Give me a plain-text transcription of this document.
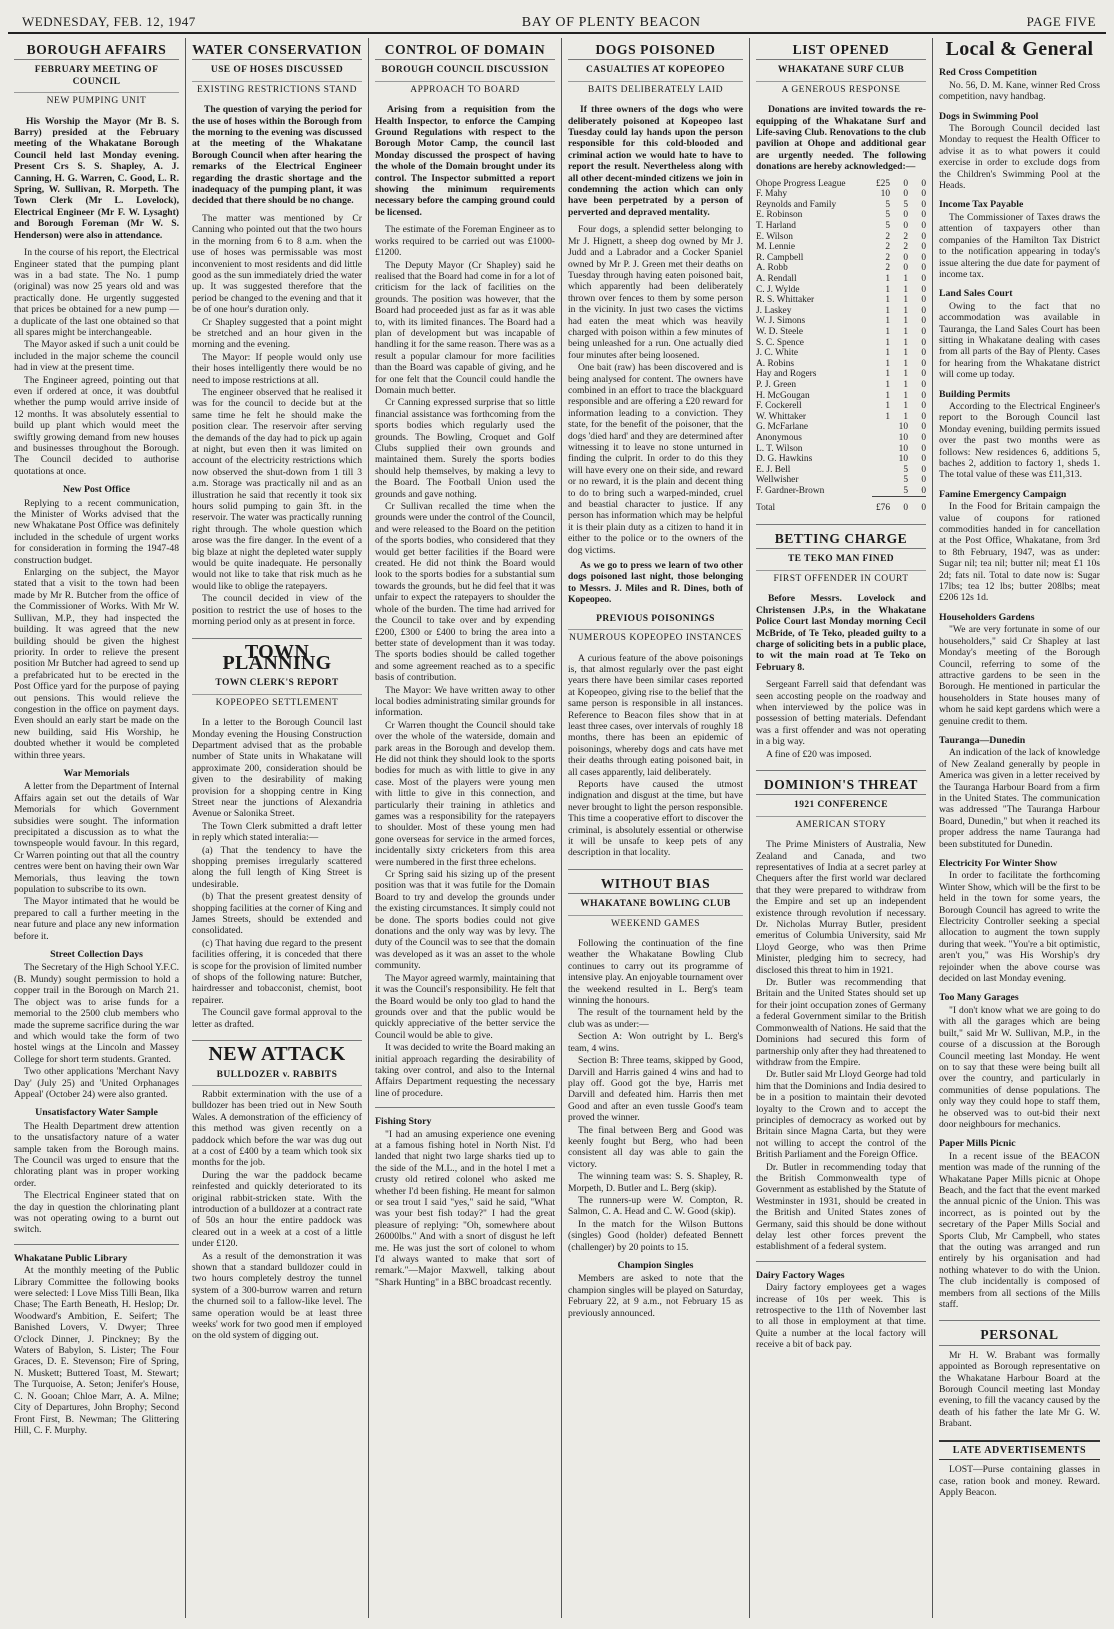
WEDNESDAY, FEB. 12, 1947	BAY OF PLENTY BEACON	PAGE FIVE
BOROUGH AFFAIRS
FEBRUARY MEETING OF COUNCIL
NEW PUMPING UNIT

His Worship the Mayor (Mr B. S. Barry) presided at the February meeting of the Whakatane Borough Council held last Monday evening. Present Crs S. S. Shapley, A. J. Canning, H. G. Warren, C. Good, L. R. Spring, W. Sullivan, R. Morpeth. The Town Clerk (Mr L. Lovelock), Electrical Engineer (Mr F. W. Lysaght) and Borough Foreman (Mr W. S. Henderson) were also in attendance.

In the course of his report, the Electrical Engineer stated that the pumping plant was in a bad state. The No. 1 pump (original) was now 25 years old and was practically done. He urgently suggested that prices be obtained for a new pump —a duplicate of the last one obtained so that all spares might be interchangeable.

The Mayor asked if such a unit could be included in the major scheme the council had in view at the present time.

The Engineer agreed, pointing out that even if ordered at once, it was doubtful whether the pump would arrive inside of 12 months. It was absolutely essential to build up plant which would meet the swiftly growing demand from new houses and businesses throughout the Borough. The Council decided to authorise quotations at once.

New Post Office

Replying to a recent communication, the Minister of Works advised that the new Whakatane Post Office was definitely included in the schedule of urgent works for consideration in forming the 1947-48 construction budget.

Enlarging on the subject, the Mayor stated that a visit to the town had been made by Mr R. Butcher from the office of the Commissioner of Works. With Mr W. Sullivan, M.P., they had inspected the building. It was agreed that the new building should be given the highest priority. In order to relieve the present position Mr Butcher had agreed to send up a prefabricated hut to be erected in the Post Office yard for the purpose of paying out pensions. This would relieve the congestion in the office on payment days. Even should an early start be made on the new building, said His Worship, he doubted whether it would be completed within three years.

War Memorials

A letter from the Department of Internal Affairs again set out the details of War Memorials for which Government subsidies were sought. The information precipitated a discussion as to what the townspeople would favour. In this regard, Cr Warren pointing out that all the country centres were bent on having their own War Memorials, thus leaving the town population to subscribe to its own.

The Mayor intimated that he would be prepared to call a further meeting in the near future and place any new information before it.

Street Collection Days

The Secretary of the High School Y.F.C. (B. Mundy) sought permission to hold a copper trail in the Borough on March 21. The object was to arise funds for a memorial to the 2500 club members who made the supreme sacrifice during the war and which would take the form of two hostel wings at the Lincoln and Massey College for short term students. Granted.

Two other applications 'Merchant Navy Day' (July 25) and 'United Orphanages Appeal' (October 24) were also granted.

Unsatisfactory Water Sample

The Health Department drew attention to the unsatisfactory nature of a water sample taken from the Borough mains. The Council was urged to ensure that the chlorating plant was in proper working order.

The Electrical Engineer stated that on the day in question the chlorinating plant was not operating owing to a burnt out switch.

Whakatane Public Library

At the monthly meeting of the Public Library Committee the following books were selected: I Love Miss Tilli Bean, Ilka Chase; The Earth Beneath, H. Heslop; Dr. Woodward's Ambition, E. Seifert; The Banished Lovers, V. Dwyer; Three O'clock Dinner, J. Pinckney; By the Waters of Babylon, S. Lister; The Four Graces, D. E. Stevenson; Fire of Spring, N. Muskett; Buttered Toast, M. Stewart; The Turquoise, A. Seton; Jenifer's House, C. N. Gooan; Chloe Marr, A. A. Milne; City of Departures, John Brophy; Second Front First, B. Newman; The Glittering Hill, C. F. Murphy.

WATER CONSERVATION
USE OF HOSES DISCUSSED
EXISTING RESTRICTIONS STAND

The question of varying the period for the use of hoses within the Borough from the morning to the evening was discussed at the meeting of the Whakatane Borough Council when after hearing the remarks of the Electrical Engineer regarding the drastic shortage and the inadequacy of the pumping plant, it was decided that there should be no change.

The matter was mentioned by Cr Canning who pointed out that the two hours in the morning from 6 to 8 a.m. when the use of hoses was permissable was most inconvenient to most residents and did little good as the sun immediately dried the water up. It was suggested therefore that the period be changed to the evening and that it be of one hour's duration only.

Cr Shapley suggested that a point might be stretched and an hour given in the morning and the evening.

The Mayor: If people would only use their hoses intelligently there would be no need to impose restrictions at all.

The engineer observed that he realised it was for the council to decide but at the same time he felt he should make the position clear. The reservoir after serving the demands of the day had to pick up again at night, but even then it was limited on account of the electricity restrictions which now observed the shut-down from 1 till 3 a.m. Storage was practically nil and as an illustration he said that recently it took six hours solid pumping to gain 3ft. in the reservoir. The water was practically running right through. The whole question which arose was the fire danger. In the event of a big blaze at night the depleted water supply would be quite inadequate. He personally would not like to take that risk much as he would like to oblige the ratepayers.

The council decided in view of the position to restrict the use of hoses to the morning period only as at present in force.

TOWN PLANNING
TOWN CLERK'S REPORT
KOPEOPEO SETTLEMENT

In a letter to the Borough Council last Monday evening the Housing Construction Department advised that as the probable number of State units in Whakatane will approximate 200, consideration should be given to the desirability of making provision for a shopping centre in King Street near the junctions of Alexandria Avenue or Salonika Street.

The Town Clerk submitted a draft letter in reply which stated interalia:—

(a) That the tendency to have the shopping premises irregularly scattered along the full length of King Street is undesirable.

(b) That the present greatest density of shopping facilities at the corner of King and James Streets, should be extended and consolidated.

(c) That having due regard to the present facilities offering, it is conceded that there is scope for the provision of limited number of shops of the following nature: Butcher, hairdresser and tobacconist, chemist, boot repairer.

The Council gave formal approval to the letter as drafted.

NEW ATTACK
BULLDOZER v. RABBITS

Rabbit extermination with the use of a bulldozer has been tried out in New South Wales. A demonstration of the efficiency of this method was given recently on a paddock which before the war was dug out at a cost of £400 by a team which took six months for the job.

During the war the paddock became reinfested and quickly deteriorated to its original rabbit-stricken state. With the introduction of a bulldozer at a contract rate of 50s an hour the entire paddock was cleared out in a week at a cost of a little under £120.

As a result of the demonstration it was shown that a standard bulldozer could in two hours completely destroy the tunnel system of a 300-burrow warren and return the churned soil to a fallow-like level. The same operation would be at least three weeks' work for two good men if employed on the old system of digging out.

CONTROL OF DOMAIN
BOROUGH COUNCIL DISCUSSION
APPROACH TO BOARD

Arising from a requisition from the Health Inspector, to enforce the Camping Ground Regulations with respect to the Borough Motor Camp, the council last Monday discussed the prospect of having the whole of the Domain brought under its control. The Inspector submitted a report showing the minimum requirements necessary before the camping ground could be licensed.

The estimate of the Foreman Engineer as to works required to be carried out was £1000-£1200.

The Deputy Mayor (Cr Shapley) said he realised that the Board had come in for a lot of criticism for the lack of facilities on the grounds. The position was however, that the Board had proceeded just as far as it was able to, with its limited finances. The Board had a plan of development but was incapable of handling it for the same reason. There was as a result a popular clamour for more facilities than the Board was capable of giving, and he for one felt that the Council could handle the Domain much better.

Cr Canning expressed surprise that so little financial assistance was forthcoming from the sports bodies which regularly used the grounds. The Bowling, Croquet and Golf Clubs supplied their own grounds and maintained them. Surely the sports bodies should help themselves, by making a levy to the Board. The Football Union used the grounds and gave nothing.

Cr Sullivan recalled the time when the grounds were under the control of the Council, and were released to the Board on the petition of the sports bodies, who considered that they would get better facilities if the Board were created. He did not think the Board would look to the sports bodies for a substantial sum towards the grounds, but he did feel that it was unfair to expect the ratepayers to shoulder the whole of the burden. The time had arrived for the Council to take over and by expending £200, £300 or £400 to bring the area into a better state of development than it was today. The sports bodies should be called together and some agreement reached as to a specific basis of contribution.

The Mayor: We have written away to other local bodies administrating similar grounds for information.

Cr Warren thought the Council should take over the whole of the waterside, domain and park areas in the Borough and develop them. He did not think they should look to the sports bodies for much as with little to give in any case. Most of the players were young men with little to give in this connection, and particularly their training in athletics and games was a responsibility for the ratepayers to shoulder. Most of these young men had gone overseas for service in the armed forces, incidentally sixty cricketers from this area were numbered in the first three echelons.

Cr Spring said his sizing up of the present position was that it was futile for the Domain Board to try and develop the grounds under the existing circumstances. It simply could not be done. The sports bodies could not give donations and the only way was by levy. The duty of the Council was to see that the domain was developed as it was an asset to the whole community.

The Mayor agreed warmly, maintaining that it was the Council's responsibility. He felt that the Board would be only too glad to hand the grounds over and that the public would be quickly appreciative of the better service the Council would be able to give.

It was decided to write the Board making an initial approach regarding the desirability of taking over control, and also to the Internal Affairs Department requesting the necessary line of procedure.

Fishing Story

"I had an amusing experience one evening at a famous fishing hotel in North Nist. I'd landed that night two large sharks tied up to the side of the M.L., and in the hotel I met a crusty old retired colonel who asked me whether I'd been fishing. He meant for salmon or sea trout I said "yes," said he said, "What was your best fish today?" I had the great pleasure of replying: "Oh, somewhere about 26000lbs." And with a snort of disgust he left me. He was just the sort of colonel to whom I'd always wanted to make that sort of remark."—Major Maxwell, talking about "Shark Hunting" in a BBC broadcast recently.

DOGS POISONED
CASUALTIES AT KOPEOPEO
BAITS DELIBERATELY LAID

If three owners of the dogs who were deliberately poisoned at Kopeopeo last Tuesday could lay hands upon the person responsible for this cold-blooded and criminal action we would hate to have to report the result. Nevertheless along with all other decent-minded citizens we join in condemning the action which can only have been perpetrated by a person of perverted and depraved mentality.

Four dogs, a splendid setter belonging to Mr J. Hignett, a sheep dog owned by Mr J. Judd and a Labrador and a Cocker Spaniel owned by Mr P. J. Green met their deaths on Tuesday through having eaten poisoned bait, which apparently had been deliberately thrown over fences to them by some person in the vicinity. In just two cases the victims had eaten the meat which was heavily charged with poison within a few minutes of being unleashed for a run. One actually died four minutes after being loosened.

One bait (raw) has been discovered and is being analysed for content. The owners have combined in an effort to trace the blackguard responsible and are offering a £20 reward for information leading to a conviction. They state, for the benefit of the poisoner, that the dogs 'died hard' and they are determined after witnessing it to leave no stone unturned in finding the culprit. In order to do this they will have every one on their side, and reward or no reward, it is the plain and decent thing to do to bring such a warped-minded, cruel and beastial character to justice. If any person has information which may be helpful it is their plain duty as a citizen to hand it in either to the police or to the owners of the dog victims.

As we go to press we learn of two other dogs poisoned last night, those belonging to Messrs. J. Miles and R. Dines, both of Kopeopeo.

PREVIOUS POISONINGS
NUMEROUS KOPEOPEO INSTANCES

A curious feature of the above poisonings is, that almost regularly over the past eight years there have been similar cases reported at Kopeopeo, giving rise to the belief that the same person is responsible in all instances. Reference to Beacon files show that in at least three cases, over intervals of roughly 18 months, there has been an epidemic of poisonings, whereby dogs and cats have met their deaths through eating poisoned bait, in all cases apparently, laid deliberately.

Reports have caused the utmost indignation and disgust at the time, but have never brought to light the person responsible. This time a cooperative effort to discover the criminal, is absolutely essential or otherwise it will be unsafe to keep pets of any description in that locality.

WITHOUT BIAS
WHAKATANE BOWLING CLUB
WEEKEND GAMES

Following the continuation of the fine weather the Whakatane Bowling Club continues to carry out its programme of intensive play. An enjoyable tournament over the weekend resulted in L. Berg's team winning the honours.

The result of the tournament held by the club was as under:—

Section A: Won outright by L. Berg's team, 4 wins.

Section B: Three teams, skipped by Good, Darvill and Harris gained 4 wins and had to play off. Good got the bye, Harris met Darvill and defeated him. Harris then met Good and after an even tussle Good's team proved the winner.

The final between Berg and Good was keenly fought but Berg, who had been consistent all day was able to gain the victory.

The winning team was: S. S. Shapley, R. Morpeth, D. Butler and L. Berg (skip).

The runners-up were W. Compton, R. Salmon, C. A. Head and C. W. Good (skip).

In the match for the Wilson Buttons (singles) Good (holder) defeated Bennett (challenger) by 20 points to 15.

Champion Singles

Members are asked to note that the champion singles will be played on Saturday, February 22, at 9 a.m., not February 15 as previously announced.

LIST OPENED
WHAKATANE SURF CLUB
A GENEROUS RESPONSE

Donations are invited towards the re-equipping of the Whakatane Surf and Life-saving Club. Renovations to the club pavilion at Ohope and additional gear are urgently needed. The following donations are hereby acknowledged:—

Ohope Progress League	£25	0	0
F. Mahy	10	0	0
Reynolds and Family	5	5	0
E. Robinson	5	0	0
T. Harland	5	0	0
E. Wilson	2	2	0
M. Lennie	2	2	0
R. Campbell	2	0	0
A. Robb	2	0	0
A. Rendall	1	1	0
C. J. Wylde	1	1	0
R. S. Whittaker	1	1	0
J. Laskey	1	1	0
W. J. Simons	1	1	0
W. D. Steele	1	1	0
S. C. Spence	1	1	0
J. C. White	1	1	0
A. Robins	1	1	0
Hay and Rogers	1	1	0
P. J. Green	1	1	0
H. McGougan	1	1	0
F. Cockerell	1	1	0
W. Whittaker	1	1	0
G. McFarlane		10	0
Anonymous		10	0
L. T. Wilson		10	0
D. G. Hawkins		10	0
E. J. Bell		5	0
Wellwisher		5	0
F. Gardner-Brown		5	0
Total	£76	0	0
BETTING CHARGE
TE TEKO MAN FINED
FIRST OFFENDER IN COURT

Before Messrs. Lovelock and Christensen J.P.s, in the Whakatane Police Court last Monday morning Cecil McBride, of Te Teko, pleaded guilty to a charge of soliciting bets in a public place, to wit the main road at Te Teko on February 8.

Sergeant Farrell said that defendant was seen accosting people on the roadway and when interviewed by the police was in possession of betting materials. Defendant was a first offender and was not operating in a big way.

A fine of £20 was imposed.

DOMINION'S THREAT
1921 CONFERENCE
AMERICAN STORY

The Prime Ministers of Australia, New Zealand and Canada, and two representatives of India at a secret parley at Chequers after the first world war declared that they were prepared to withdraw from the Empire and set up an independent existence through revolution if necessary. Dr. Nicholas Murray Butler, president emeritus of Columbia University, said Mr Lloyd George, who was then Prime Minister, pledging him to secrecy, had disclosed this threat to him in 1921.

Dr. Butler was recommending that Britain and the United States should set up for their joint occupation zones of Germany a federal Government similar to the British Commonwealth of Nations. He said that the Dominions had secured this form of partnership only after they had threatened to withdraw from the Empire.

Dr. Butler said Mr Lloyd George had told him that the Dominions and India desired to be in a position to maintain their devoted loyalty to the Crown and to accept the principles of democracy as worked out by Britain since Magna Carta, but they were not willing to accept the control of the British Parliament and the Foreign Office.

Dr. Butler in recommending today that the British Commonwealth type of Government as established by the Statute of Westminster in 1931, should be created in the British and United States zones of Germany, said this should be done without delay lest other forces prevent the establishment of a federal system.

Dairy Factory Wages

Dairy factory employees get a wages increase of 10s per week. This is retrospective to the 11th of November last to all those in employment at that time. Quite a number at the local factory will receive a bit of back pay.

Local & General
Red Cross Competition

No. 56, D. M. Kane, winner Red Cross competition, navy handbag.

Dogs in Swimming Pool

The Borough Council decided last Monday to request the Health Officer to advise it as to what powers it could exercise in order to exclude dogs from the Children's Swimming Pool at the Heads.

Income Tax Payable

The Commissioner of Taxes draws the attention of taxpayers other than companies of the Hamilton Tax District to the notification appearing in today's issue altering the due date for payment of income tax.

Land Sales Court

Owing to the fact that no accommodation was available in Tauranga, the Land Sales Court has been sitting in Whakatane dealing with cases from all parts of the Bay of Plenty. Cases for hearing from the Whakatane district will come up today.

Building Permits

According to the Electrical Engineer's report to the Borough Council last Monday evening, building permits issued over the past two months were as follows: New residences 6, additions 5, baches 2, addition to factory 1, sheds 1. The total value of these was £11,313.

Famine Emergency Campaign

In the Food for Britain campaign the value of coupons for rationed commodities handed in for cancellation at the Post Office, Whakatane, from 3rd to 8th February, 1947, was as under: Sugar nil; tea nil; butter nil; meat £1 10s 2d; fats nil. Total to date now is: Sugar 17lbs; tea 12 lbs; butter 208lbs; meat £206 12s 1d.

Householders Gardens

"We are very fortunate in some of our householders," said Cr Shapley at last Monday's meeting of the Borough Council, referring to some of the attractive gardens to be seen in the Borough. He mentioned in particular the householders in State houses many of whom he said kept gardens which were a genuine credit to them.

Tauranga—Dunedin

An indication of the lack of knowledge of New Zealand generally by people in America was given in a letter received by the Tauranga Harbour Board from a firm in the United States. The communication was addressed "The Tauranga Harbour Board, Dunedin," but when it reached its proper address the name Tauranga had been substituted for Dunedin.

Electricity For Winter Show

In order to facilitate the forthcoming Winter Show, which will be the first to be held in the town for some years, the Borough Council has agreed to write the Electricity Controller seeking a special allocation to augment the town supply during that week. "You're a bit optimistic, aren't you," was His Worship's dry rejoinder when the above course was decided on last Monday evening.

Too Many Garages

"I don't know what we are going to do with all the garages which are being built," said Mr W. Sullivan, M.P., in the course of a discussion at the Borough Council meeting last Monday. He went on to say that these were being built all over the country, and particularly in communities of dense populations. The only way they could hope to staff them, he observed was to out-bid their next door neighbours for mechanics.

Paper Mills Picnic

In a recent issue of the BEACON mention was made of the running of the Whakatane Paper Mills picnic at Ohope Beach, and the fact that the event marked the annual picnic of the Union. This was incorrect, as is pointed out by the secretary of the Paper Mills Social and Sports Club, Mr Campbell, who states that the outing was arranged and run entirely by his organisation and had nothing whatever to do with the Union. The club incidentally is composed of members from all sections of the Mills staff.

PERSONAL

Mr H. W. Brabant was formally appointed as Borough representative on the Whakatane Harbour Board at the Borough Council meeting last Monday evening, to fill the vacancy caused by the death of his father the late Mr G. W. Brabant.

LATE ADVERTISEMENTS

LOST—Purse containing glasses in case, ration book and money. Reward. Apply Beacon.
